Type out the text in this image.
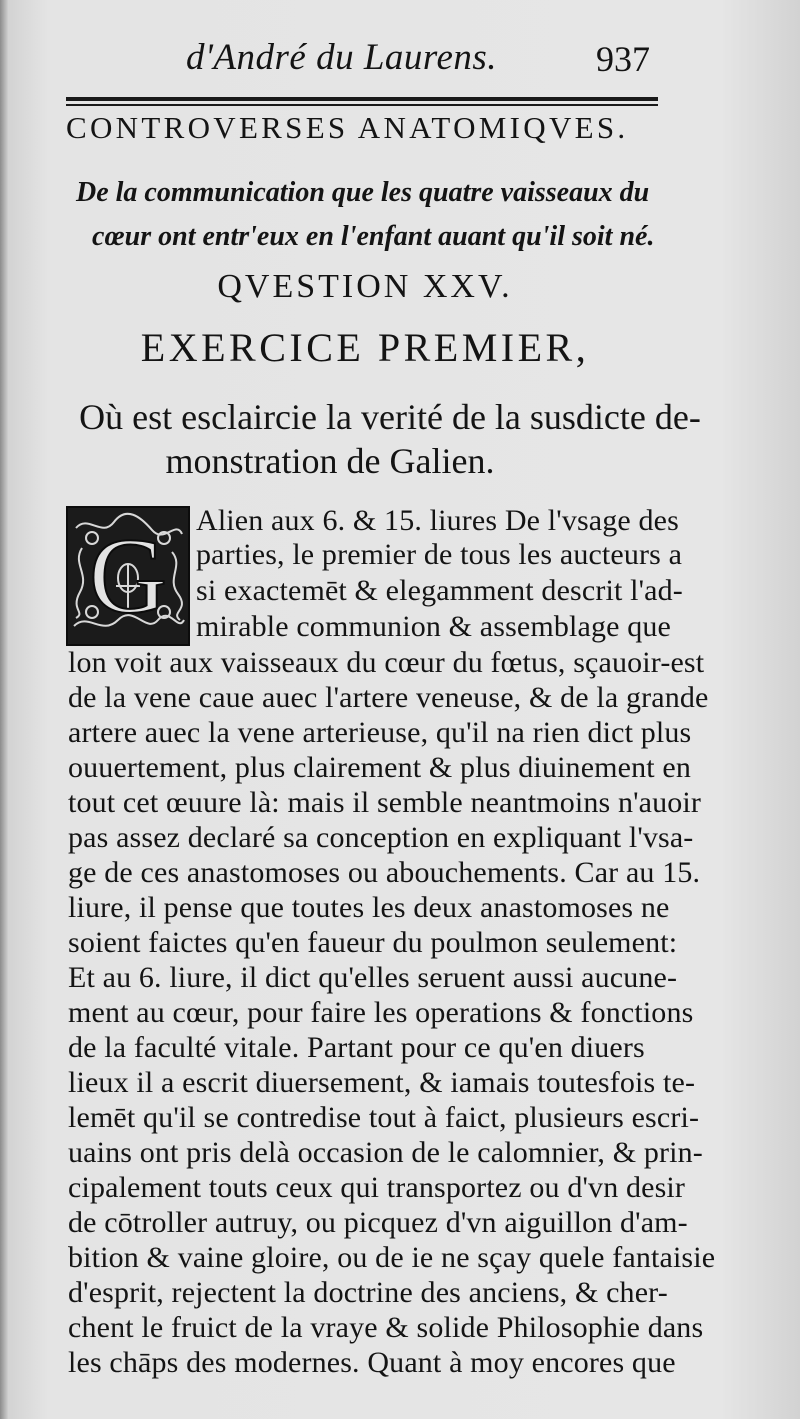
d'André du Laurens.	937
CONTROVERSES ANATOMIQVES.
De la communication que les quatre vaisseaux du
cœur ont entr'eux en l'enfant auant qu'il soit né.
QVESTION XXV.
EXERCICE PREMIER,
Où est esclaircie la verité de la susdicte de-
monstration de Galien.
G Alien aux 6. & 15. liures De l'vsage des
parties, le premier de tous les aucteurs a
si exactemēt & elegamment descrit l'ad-
mirable communion & assemblage que
lon voit aux vaisseaux du cœur du fœtus, sçauoir-est
de la vene caue auec l'artere veneuse, & de la grande
artere auec la vene arterieuse, qu'il na rien dict plus
ouuertement, plus clairement & plus diuinement en
tout cet œuure là: mais il semble neantmoins n'auoir
pas assez declaré sa conception en expliquant l'vsa-
ge de ces anastomoses ou abouchements. Car au 15.
liure, il pense que toutes les deux anastomoses ne
soient faictes qu'en faueur du poulmon seulement:
Et au 6. liure, il dict qu'elles seruent aussi aucune-
ment au cœur, pour faire les operations & fonctions
de la faculté vitale. Partant pour ce qu'en diuers
lieux il a escrit diuersement, & iamais toutesfois te-
lemēt qu'il se contredise tout à faict, plusieurs escri-
uains ont pris delà occasion de le calomnier, & prin-
cipalement touts ceux qui transportez ou d'vn desir
de cōtroller autruy, ou picquez d'vn aiguillon d'am-
bition & vaine gloire, ou de ie ne sçay quele fantaisie
d'esprit, rejectent la doctrine des anciens, & cher-
chent le fruict de la vraye & solide Philosophie dans
les chāps des modernes. Quant à moy encores que
